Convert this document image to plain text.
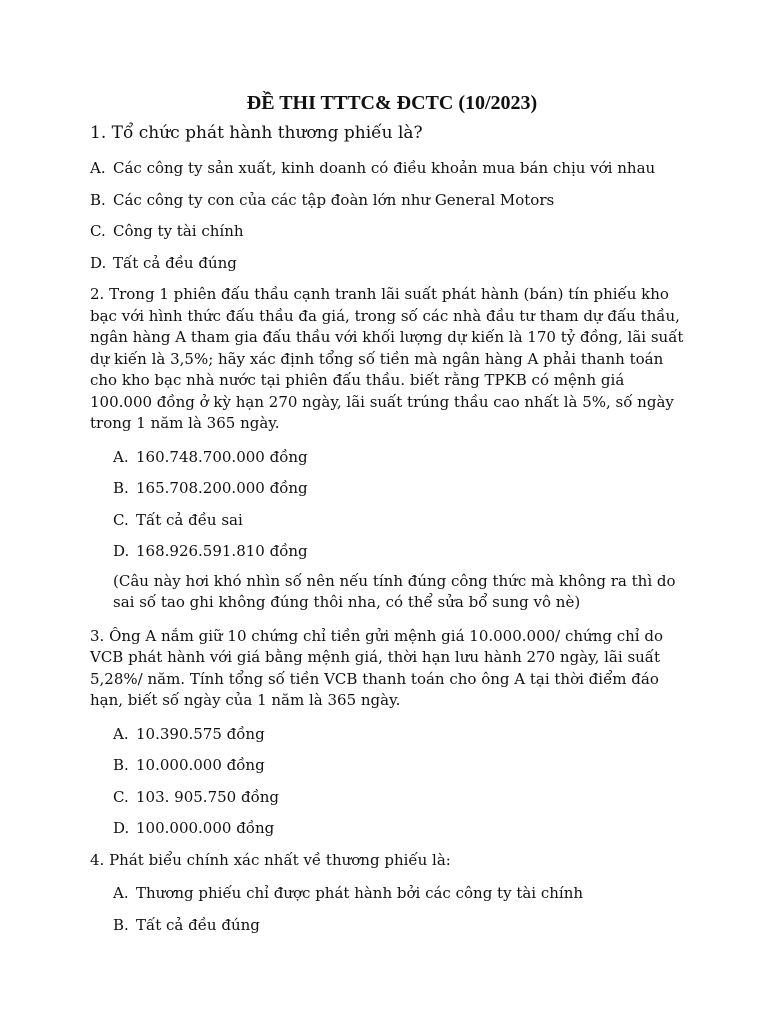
ĐỀ THI TTTC& ĐCTC (10/2023)
1. Tổ chức phát hành thương phiếu là?
A. Các công ty sản xuất, kinh doanh có điều khoản mua bán chịu với nhau
B. Các công ty con của các tập đoàn lớn như General Motors
C. Công ty tài chính
D. Tất cả đều đúng
2. Trong 1 phiên đấu thầu cạnh tranh lãi suất phát hành (bán) tín phiếu kho bạc với hình thức đấu thầu đa giá, trong số các nhà đầu tư tham dự đấu thầu, ngân hàng A tham gia đấu thầu với khối lượng dự kiến là 170 tỷ đồng, lãi suất dự kiến là 3,5%; hãy xác định tổng số tiền mà ngân hàng A phải thanh toán cho kho bạc nhà nước tại phiên đấu thầu. biết rằng TPKB có mệnh giá 100.000 đồng ở kỳ hạn 270 ngày, lãi suất trúng thầu cao nhất là 5%, số ngày trong 1 năm là 365 ngày.
A. 160.748.700.000 đồng
B. 165.708.200.000 đồng
C. Tất cả đều sai
D. 168.926.591.810 đồng
(Câu này hơi khó nhìn số nên nếu tính đúng công thức mà không ra thì do sai số tao ghi không đúng thôi nha, có thể sửa bổ sung vô nè)
3. Ông A nắm giữ 10 chứng chỉ tiền gửi mệnh giá 10.000.000/ chứng chỉ do VCB phát hành với giá bằng mệnh giá, thời hạn lưu hành 270 ngày, lãi suất 5,28%/ năm. Tính tổng số tiền VCB thanh toán cho ông A tại thời điểm đáo hạn, biết số ngày của 1 năm là 365 ngày.
A. 10.390.575 đồng
B. 10.000.000 đồng
C. 103. 905.750 đồng
D. 100.000.000 đồng
4. Phát biểu chính xác nhất về thương phiếu là:
A. Thương phiếu chỉ được phát hành bởi các công ty tài chính
B. Tất cả đều đúng
